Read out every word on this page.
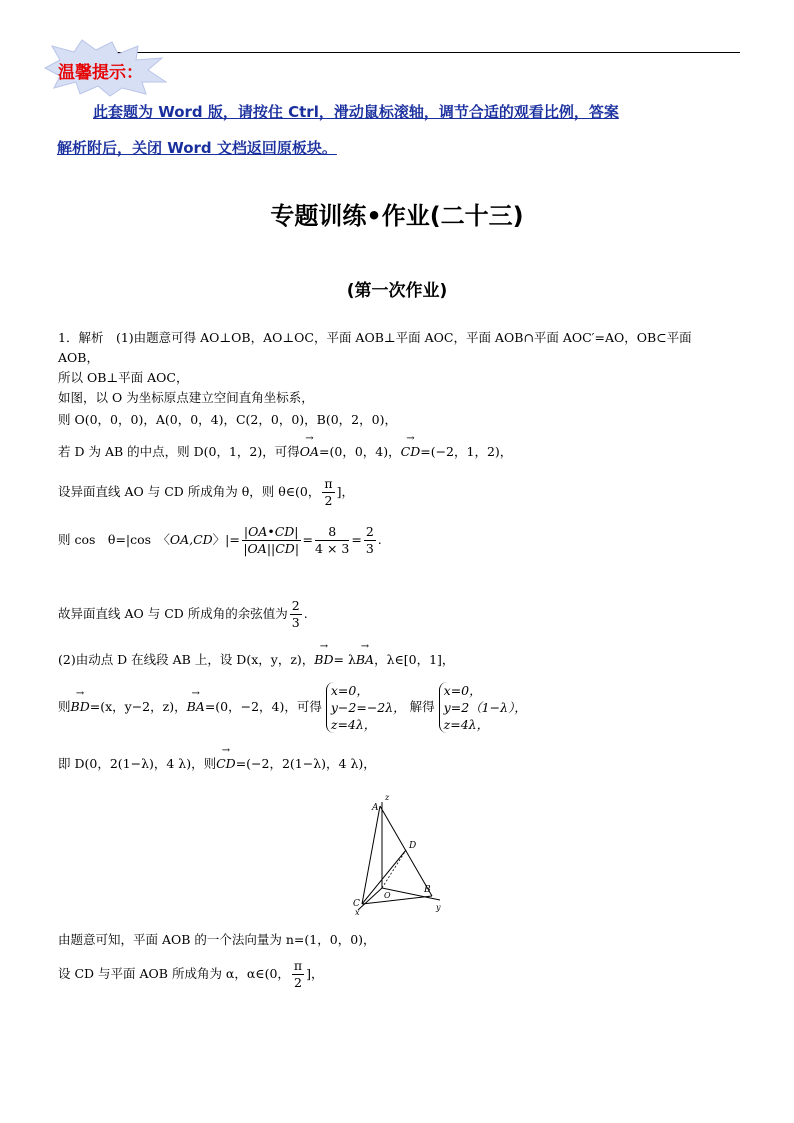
温馨提示：
此套题为 Word 版，请按住 Ctrl，滑动鼠标滚轴，调节合适的观看比例，答案
解析附后，关闭 Word 文档返回原板块。
专题训练•作业(二十三)
(第一次作业)
1．解析　(1)由题意可得 AO⊥OB，AO⊥OC，平面 AOB⊥平面 AOC，平面 AOB∩平面 AOC′=AO，OB⊂平面
AOB，
所以 OB⊥平面 AOC，
如图，以 O 为坐标原点建立空间直角坐标系，
则 O(0，0，0)，A(0，0，4)，C(2，0，0)，B(0，2，0)，
若 D 为 AB 的中点，则 D(0，1，2)，可得→ OA=(0，0，4)，→ CD=(−2，1，2)，
设异面直线 AO 与 CD 所成角为 θ，则 θ∈(0， $\frac{\pi}{2}$ ]，
则 cos　θ=|cos　〈OA,CD〉|= $\frac{|OA•CD|}{|OA||CD|} = \frac{8}{4 \times 3} = \frac{2}{3}$ .
故异面直线 AO 与 CD 所成角的余弦值为 $\frac{2}{3}$ .
(2)由动点 D 在线段 AB 上，设 D(x，y，z)，→ BD= λ→ BA，λ∈[0，1]，
则→ BD=(x，y−2，z)，→ BA=(0，−2，4)，可得 x=0，
y−2=−2λ，
z=4λ， 解得 x=0，
y=2（1−λ），
z=4λ，
即 D(0，2(1−λ)，4 λ)，则→ CD=(−2，2(1−λ)，4 λ)，
A
z
D
O
B
y
C
x
由题意可知，平面 AOB 的一个法向量为 n=(1，0，0)，
设 CD 与平面 AOB 所成角为 α，α∈(0， $\frac{\pi}{2}$ ]，
